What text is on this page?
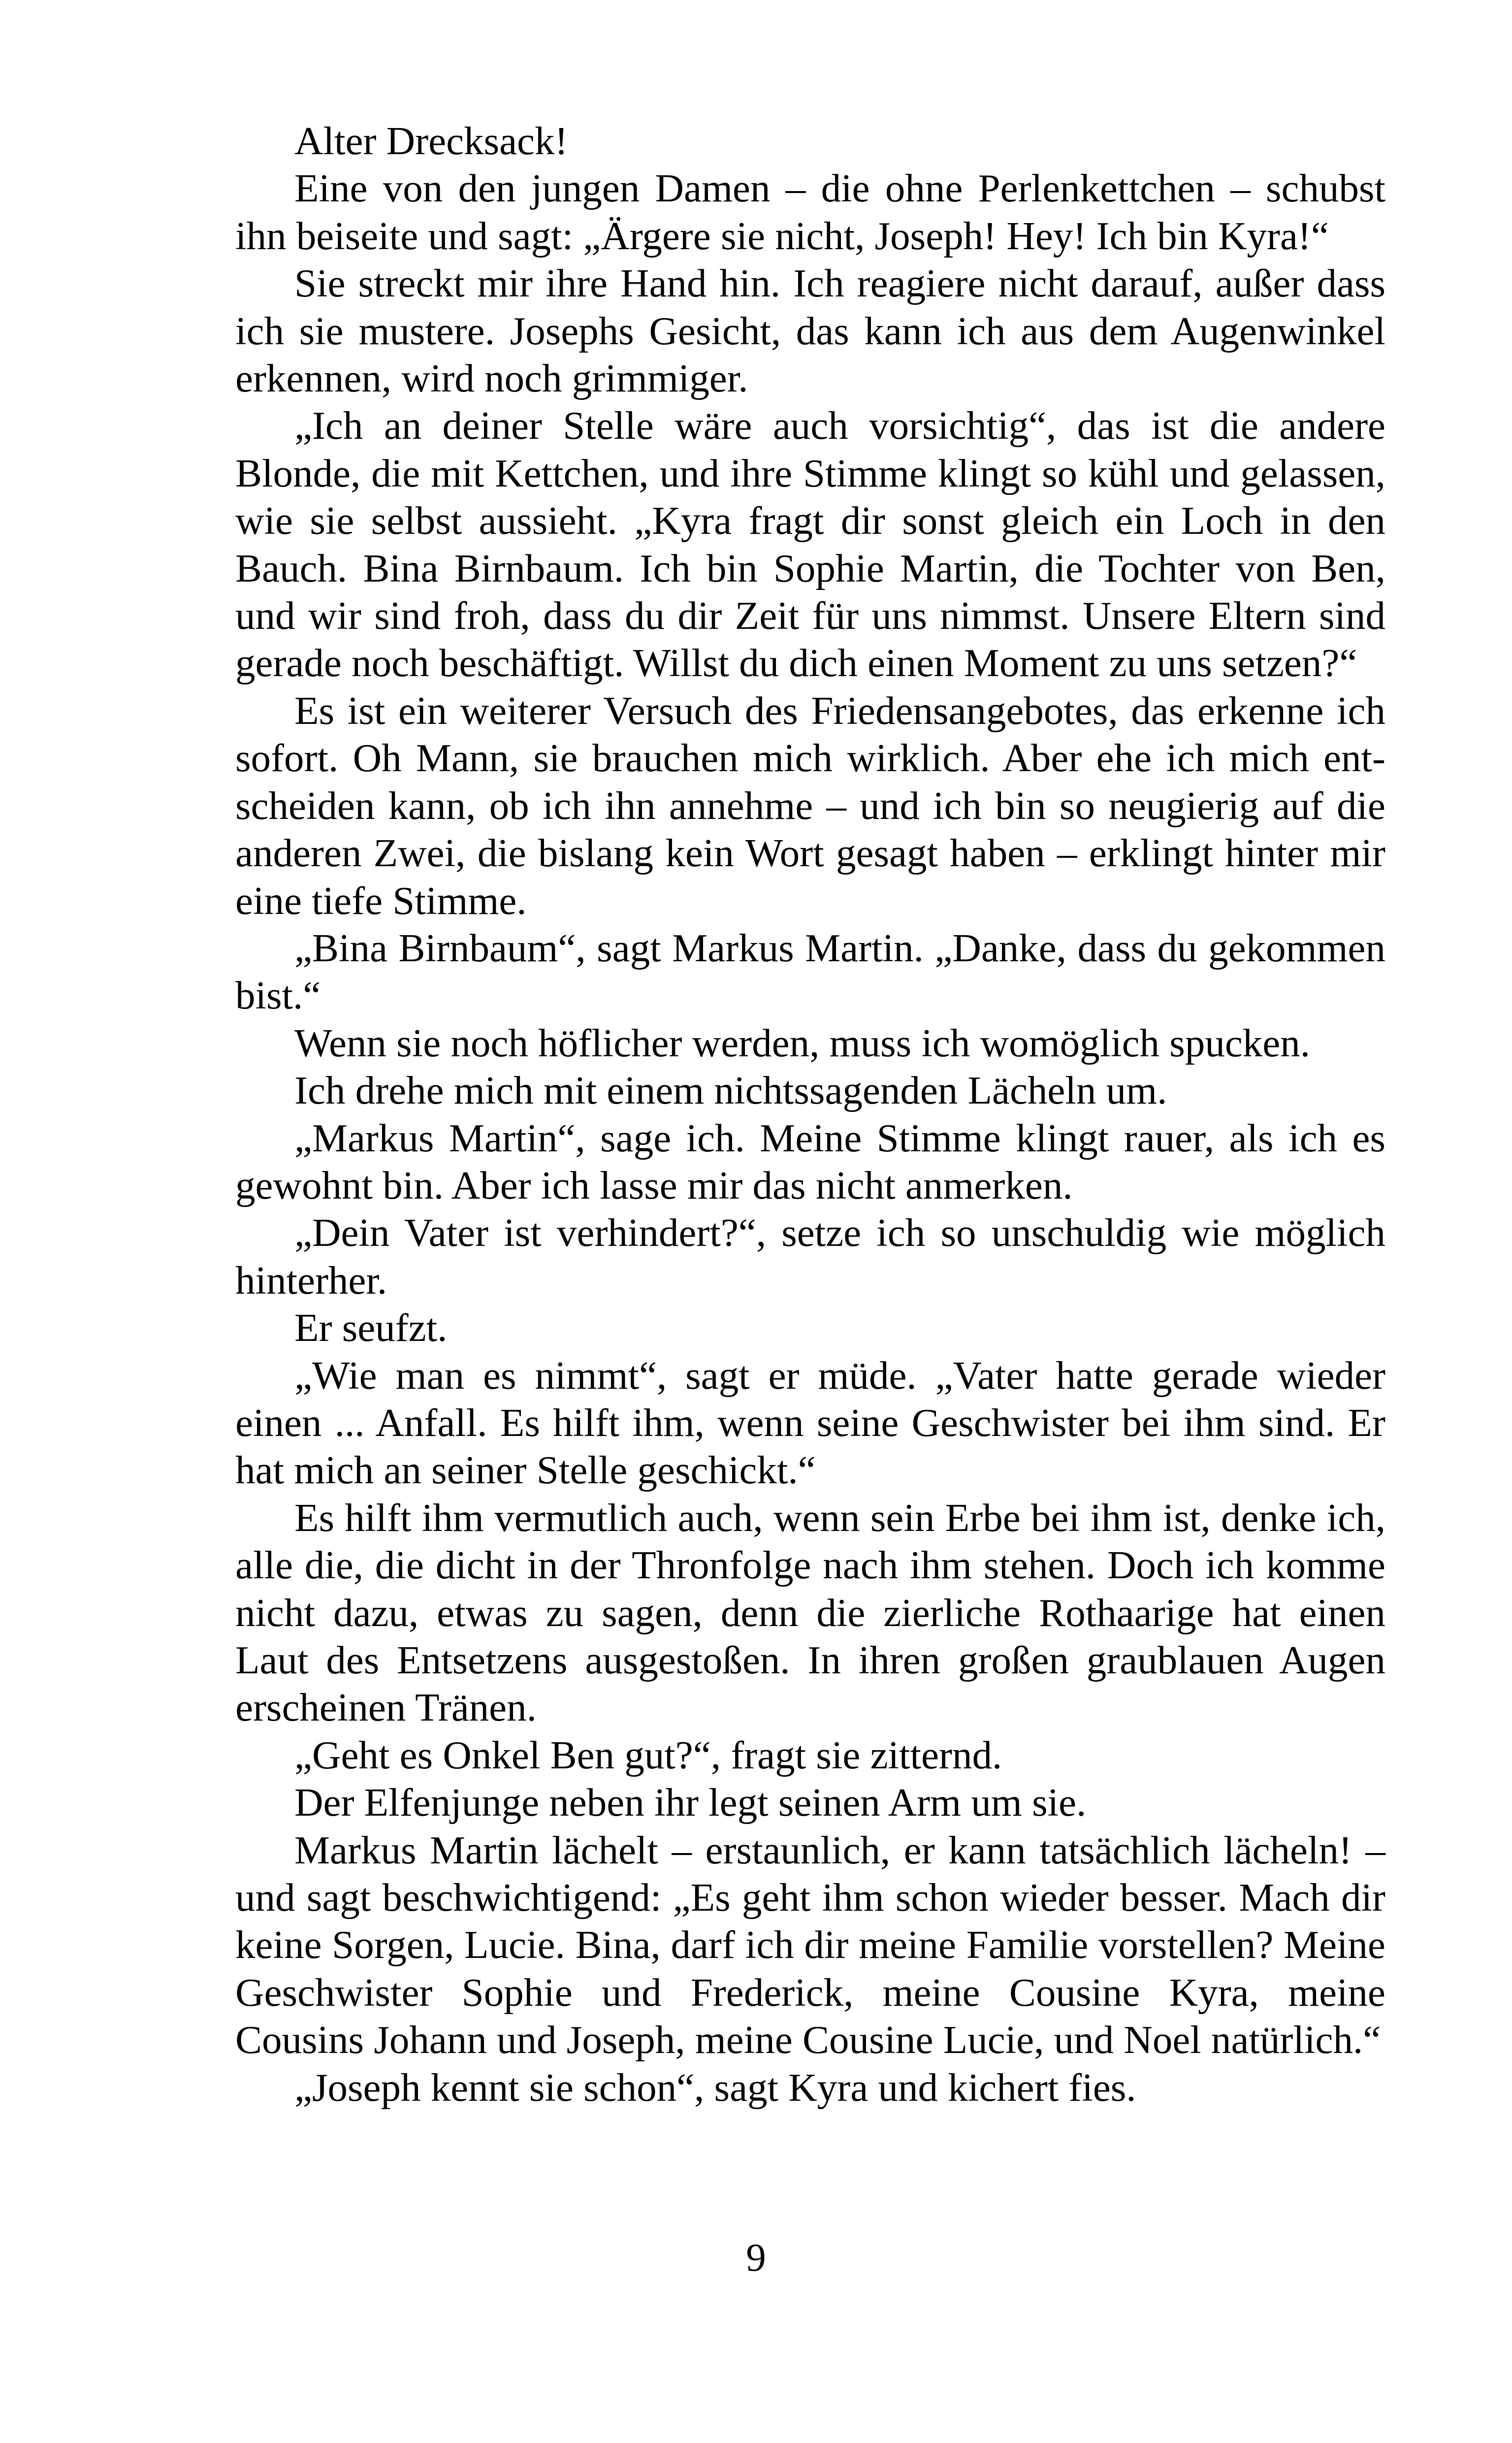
Alter Drecksack!

Eine von den jungen Damen – die ohne Perlenkettchen – schubst ihn beiseite und sagt: „Ärgere sie nicht, Joseph! Hey! Ich bin Kyra!“

Sie streckt mir ihre Hand hin. Ich reagiere nicht darauf, außer dass ich sie mustere. Josephs Gesicht, das kann ich aus dem Augenwinkel erkennen, wird noch grimmiger.

„Ich an deiner Stelle wäre auch vorsichtig“, das ist die andere Blonde, die mit Kettchen, und ihre Stimme klingt so kühl und gelassen, wie sie selbst aussieht. „Kyra fragt dir sonst gleich ein Loch in den Bauch. Bina Birnbaum. Ich bin Sophie Martin, die Tochter von Ben, und wir sind froh, dass du dir Zeit für uns nimmst. Unsere Eltern sind gerade noch beschäftigt. Willst du dich einen Moment zu uns setzen?“

Es ist ein weiterer Versuch des Friedensangebotes, das erkenne ich sofort. Oh Mann, sie brauchen mich wirklich. Aber ehe ich mich entscheiden kann, ob ich ihn annehme – und ich bin so neugierig auf die anderen Zwei, die bislang kein Wort gesagt haben – erklingt hinter mir eine tiefe Stimme.

„Bina Birnbaum“, sagt Markus Martin. „Danke, dass du gekommen bist.“

Wenn sie noch höflicher werden, muss ich womöglich spucken.

Ich drehe mich mit einem nichtssagenden Lächeln um.

„Markus Martin“, sage ich. Meine Stimme klingt rauer, als ich es gewohnt bin. Aber ich lasse mir das nicht anmerken.

„Dein Vater ist verhindert?“, setze ich so unschuldig wie möglich hinterher.

Er seufzt.

„Wie man es nimmt“, sagt er müde. „Vater hatte gerade wieder einen ... Anfall. Es hilft ihm, wenn seine Geschwister bei ihm sind. Er hat mich an seiner Stelle geschickt.“

Es hilft ihm vermutlich auch, wenn sein Erbe bei ihm ist, denke ich, alle die, die dicht in der Thronfolge nach ihm stehen. Doch ich komme nicht dazu, etwas zu sagen, denn die zierliche Rothaarige hat einen Laut des Entsetzens ausgestoßen. In ihren großen graublauen Augen erscheinen Tränen.

„Geht es Onkel Ben gut?“, fragt sie zitternd.

Der Elfenjunge neben ihr legt seinen Arm um sie.

Markus Martin lächelt – erstaunlich, er kann tatsächlich lächeln! – und sagt beschwichtigend: „Es geht ihm schon wieder besser. Mach dir keine Sorgen, Lucie. Bina, darf ich dir meine Familie vorstellen? Meine Geschwister Sophie und Frederick, meine Cousine Kyra, meine Cousins Johann und Joseph, meine Cousine Lucie, und Noel natürlich.“

„Joseph kennt sie schon“, sagt Kyra und kichert fies.

9
